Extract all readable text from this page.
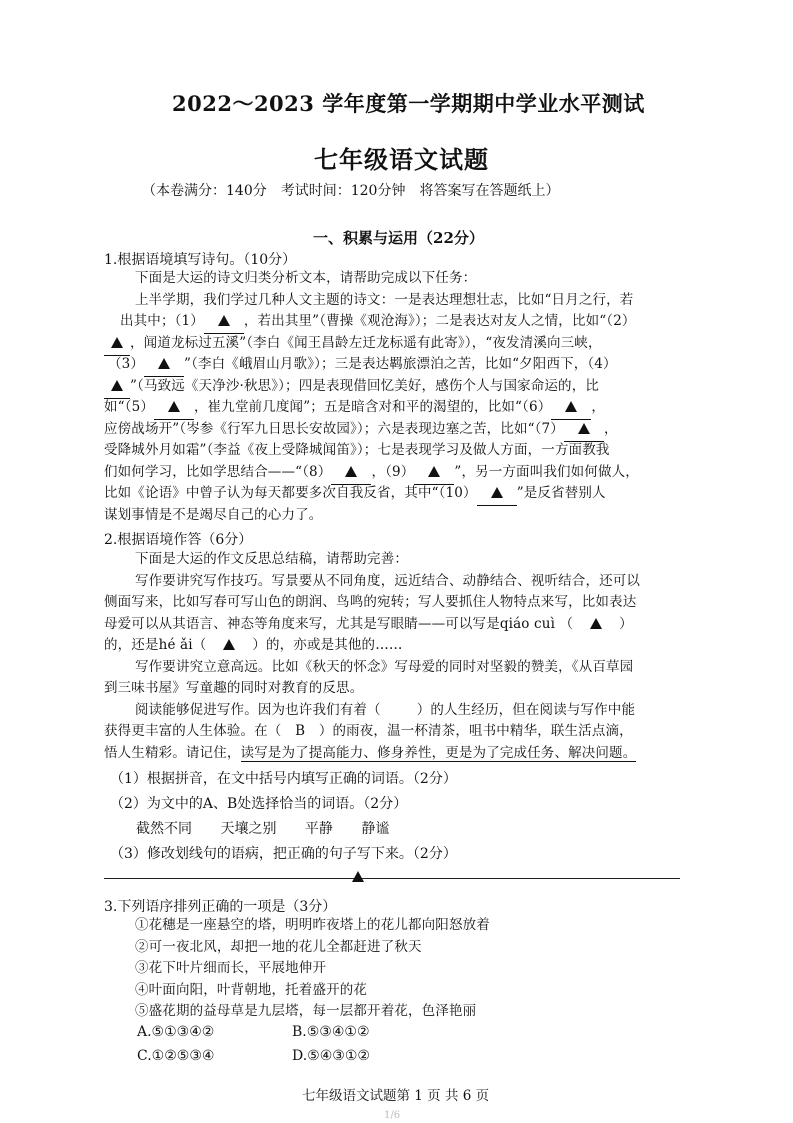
2022～2023 学年度第一学期期中学业水平测试
七年级语文试题
（本卷满分：140分　考试时间：120分钟　将答案写在答题纸上）
一、积累与运用（22分）
1.根据语境填写诗句。（10分）
下面是大运的诗文归类分析文本，请帮助完成以下任务：
上半学期，我们学过几种人文主题的诗文：一是表达理想壮志，比如“日月之行，若
出其中；（1）	，若出其里”（曹操《观沧海》）；二是表达对友人之情，比如“（2）
，闻道龙标过五溪”（李白《闻王昌龄左迁龙标遥有此寄》），“夜发清溪向三峡，
（3）	”（李白《峨眉山月歌》）；三是表达羁旅漂泊之苦，比如“夕阳西下，（4）
”（马致远《天净沙·秋思》）；四是表现借回忆美好，感伤个人与国家命运的，比
如“（5）	，崔九堂前几度闻”；五是暗含对和平的渴望的，比如“（6）	，
应傍战场开”（岑参《行军九日思长安故园》）；六是表现边塞之苦，比如“（7）	，
受降城外月如霜”（李益《夜上受降城闻笛》）；七是表现学习及做人方面，一方面教我
们如何学习，比如学思结合——“（8）	，（9）	”，另一方面叫我们如何做人，
比如《论语》中曾子认为每天都要多次自我反省，其中“（10）	”是反省替别人
谋划事情是不是竭尽自己的心力了。
2.根据语境作答（6分）
下面是大运的作文反思总结稿，请帮助完善：
写作要讲究写作技巧。写景要从不同角度，远近结合、动静结合、视听结合，还可以
侧面写来，比如写春可写山色的朗润、鸟鸣的宛转；写人要抓住人物特点来写，比如表达
母爱可以从其语言、神态等角度来写，尤其是写眼睛——可以写是qiáo cuì （	）
的，还是hé ǎi（	）的，亦或是其他的……
写作要讲究立意高远。比如《秋天的怀念》写母爱的同时对坚毅的赞美，《从百草园
到三味书屋》写童趣的同时对教育的反思。
阅读能够促进写作。因为也许我们有着（	）的人生经历，但在阅读与写作中能
获得更丰富的人生体验。在（　B　）的雨夜，温一杯清茶，咀书中精华，联生活点滴，
悟人生精彩。请记住，读写是为了提高能力、修身养性，更是为了完成任务、解决问题。
（1）根据拼音，在文中括号内填写正确的词语。（2分）
（2）为文中的A、B处选择恰当的词语。（2分）
截然不同 天壤之别 平静 静谧
（3）修改划线句的语病，把正确的句子写下来。（2分）
3.下列语序排列正确的一项是（3分）
①花穗是一座悬空的塔，明明昨夜塔上的花儿都向阳怒放着
②可一夜北风，却把一地的花儿全都赶进了秋天
③花下叶片细而长，平展地伸开
④叶面向阳，叶背朝地，托着盛开的花
⑤盛花期的益母草是九层塔，每一层都开着花，色泽艳丽
A.⑤①③④②	B.⑤③④①②
C.①②⑤③④	D.⑤④③①②
七年级语文试题第 1 页 共 6 页
1/6
